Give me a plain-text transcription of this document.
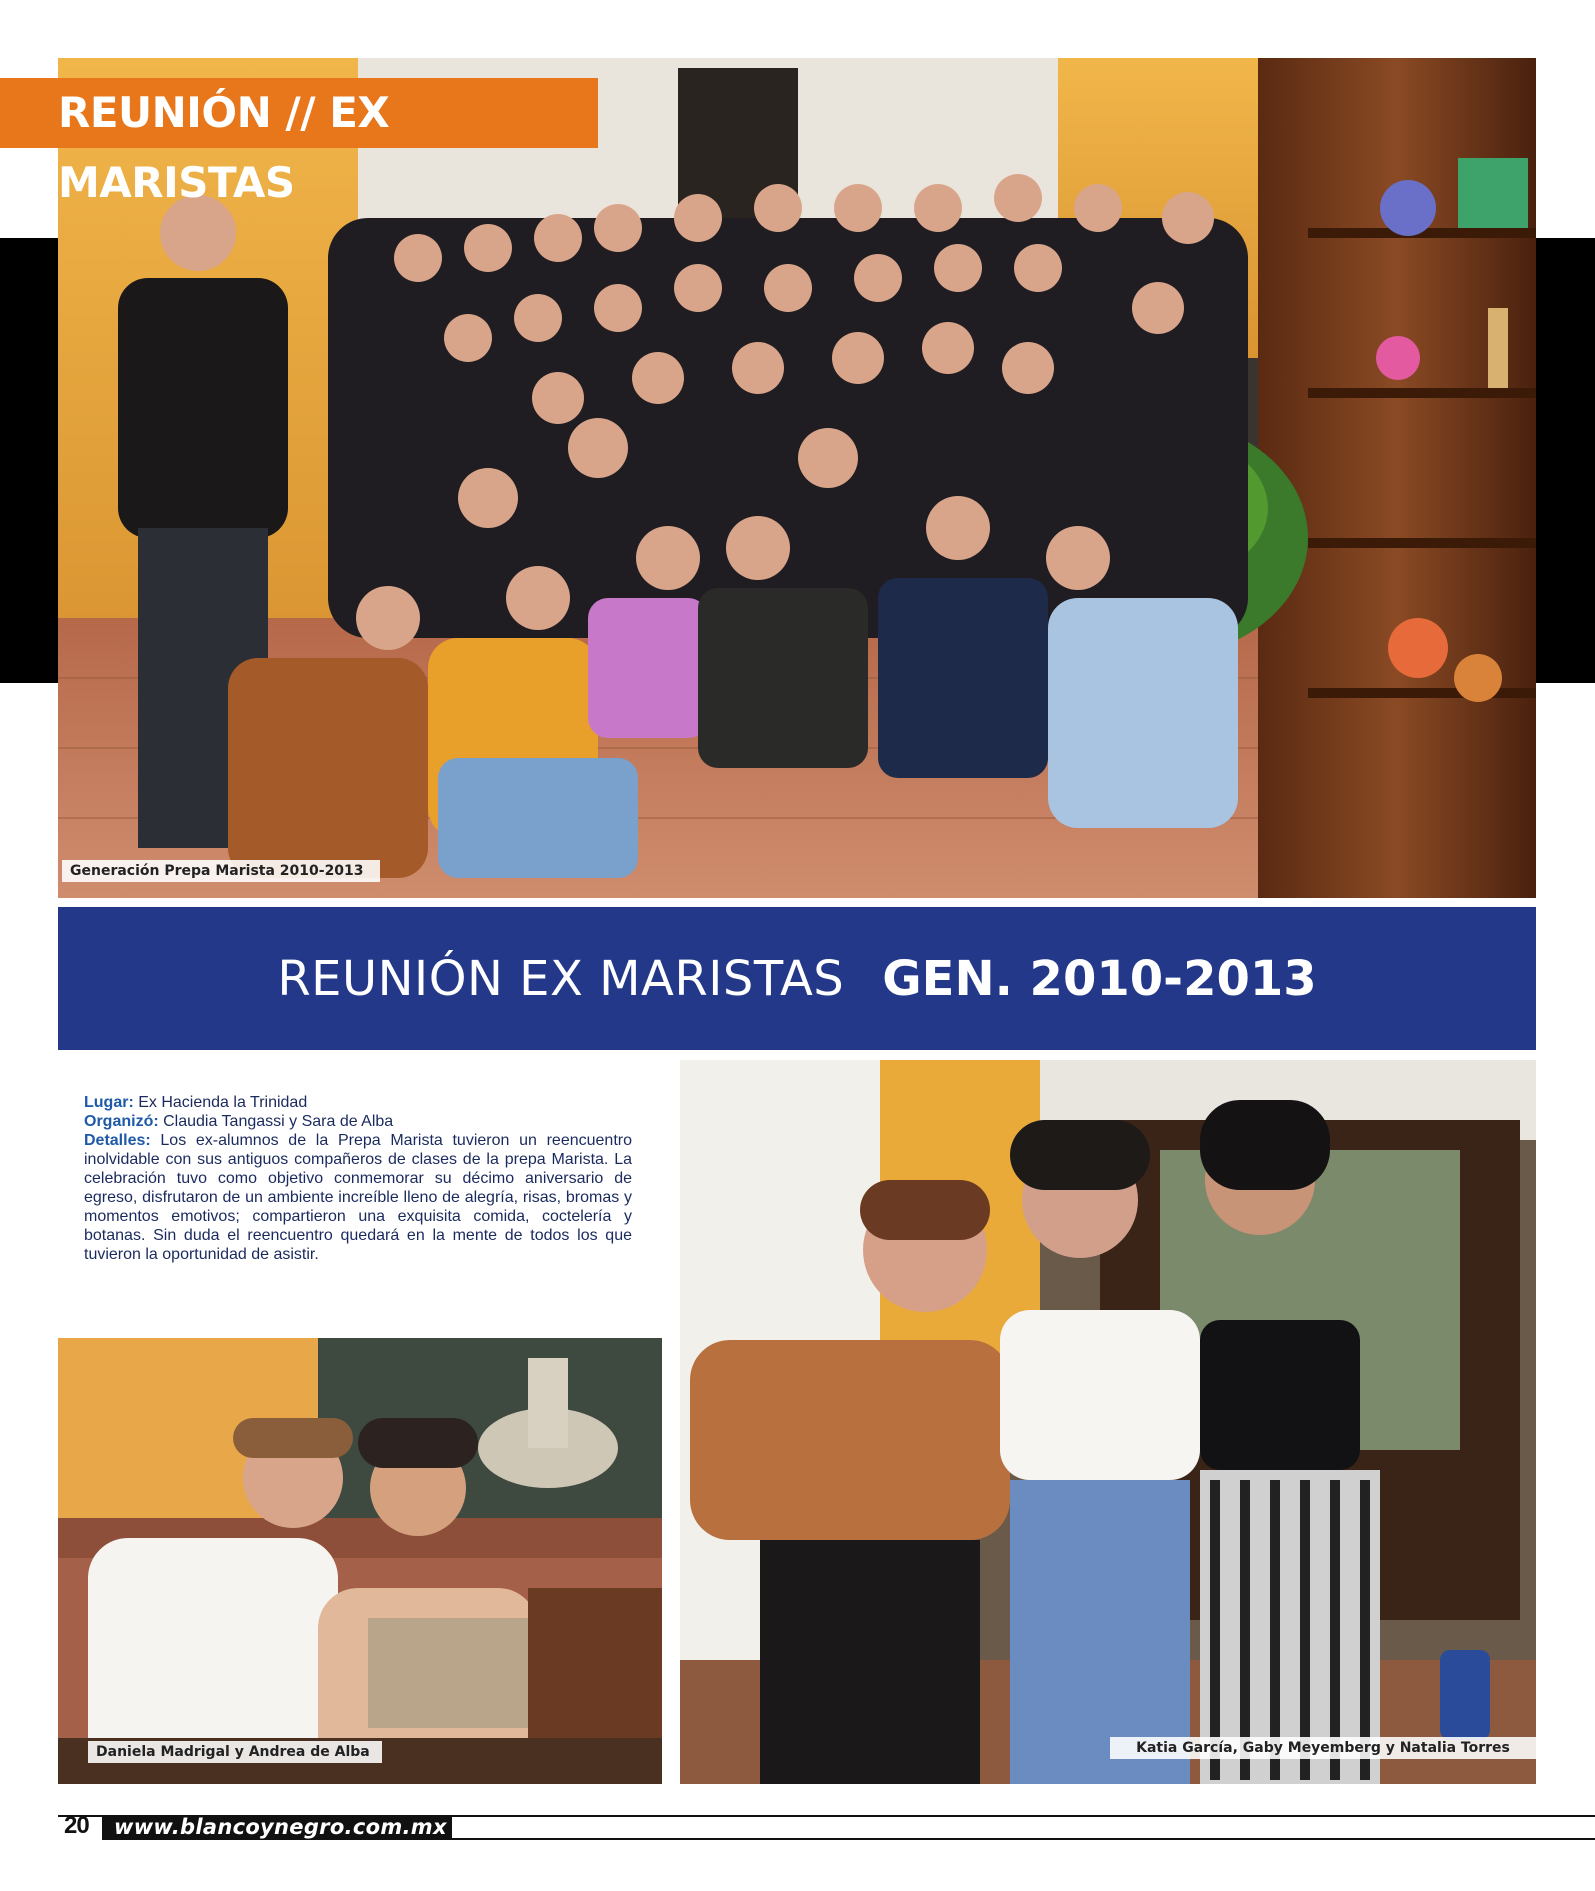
REUNIÓN // EX MARISTAS
Generación Prepa Marista 2010-2013
REUNIÓN EX MARISTAS GEN. 2010-2013

Lugar: Ex Hacienda la Trinidad

Organizó: Claudia Tangassi y Sara de Alba

Detalles: Los ex-alumnos de la Prepa Marista tuvieron un reencuentro inolvidable con sus antiguos compañeros de clases de la prepa Marista. La celebración tuvo como objetivo conmemorar su décimo aniversario de egreso, disfrutaron de un ambiente increíble lleno de alegría, risas, bromas y momentos emotivos; compartieron una exquisita comida, coctelería y botanas. Sin duda el reencuentro quedará en la mente de todos los que tuvieron la oportunidad de asistir.

Daniela Madrigal y Andrea de Alba	Katia García, Gaby Meyemberg y Natalia Torres
20	www.blancoynegro.com.mx
